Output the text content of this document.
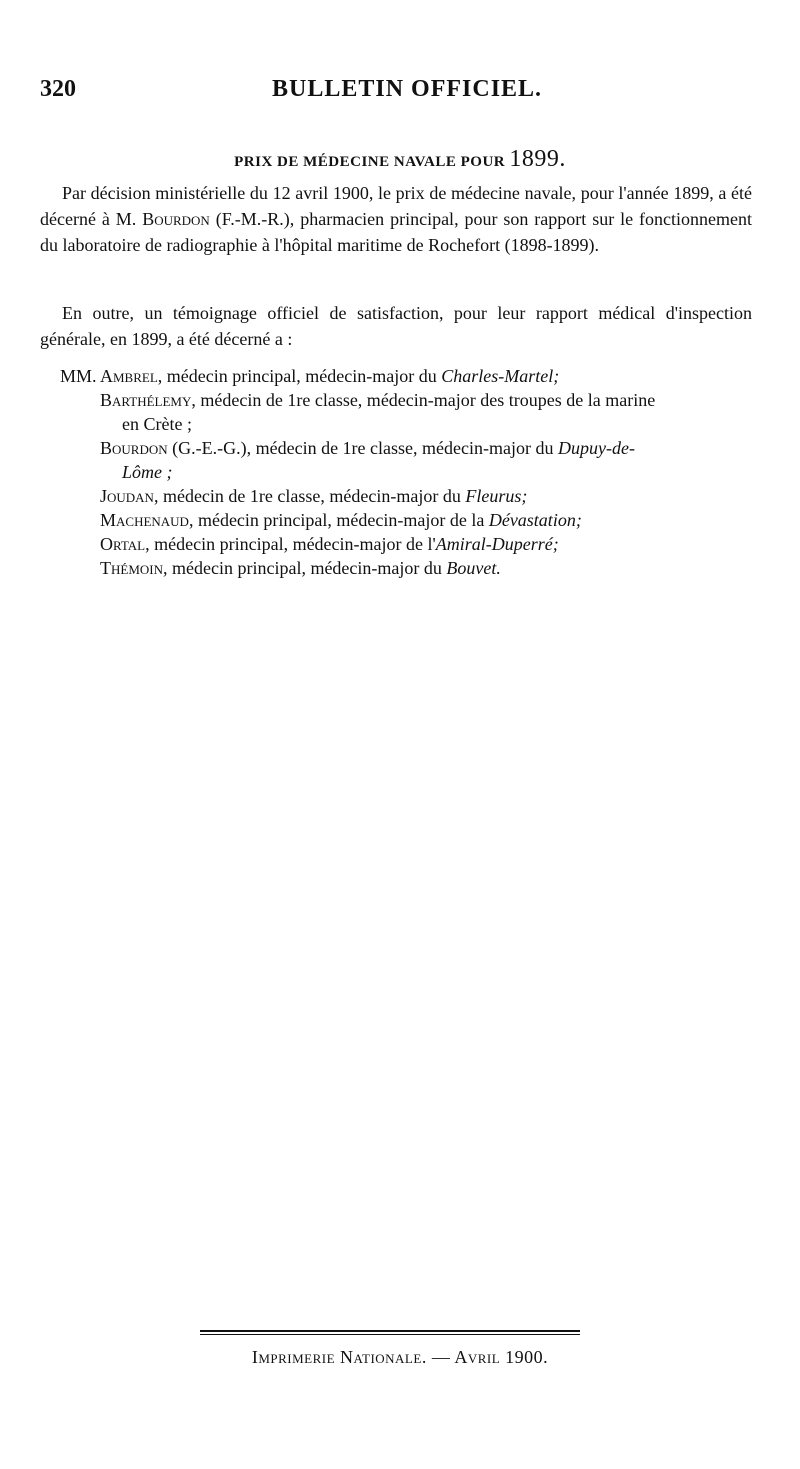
320	BULLETIN OFFICIEL.
PRIX DE MÉDECINE NAVALE POUR 1899.
Par décision ministérielle du 12 avril 1900, le prix de médecine navale, pour l'année 1899, a été décerné à M. Bourdon (F.-M.-R.), pharmacien principal, pour son rapport sur le fonctionnement du laboratoire de radiographie à l'hôpital maritime de Rochefort (1898-1899).
En outre, un témoignage officiel de satisfaction, pour leur rapport médical d'inspection générale, en 1899, a été décerné a :
MM. Ambrel, médecin principal, médecin-major du Charles-Martel;
Barthélemy, médecin de 1re classe, médecin-major des troupes de la marine
en Crète ;
Bourdon (G.-E.-G.), médecin de 1re classe, médecin-major du Dupuy-de-
Lôme ;
Joudan, médecin de 1re classe, médecin-major du Fleurus;
Machenaud, médecin principal, médecin-major de la Dévastation;
Ortal, médecin principal, médecin-major de l'Amiral-Duperré;
Thémoin, médecin principal, médecin-major du Bouvet.
Imprimerie Nationale. — Avril 1900.
